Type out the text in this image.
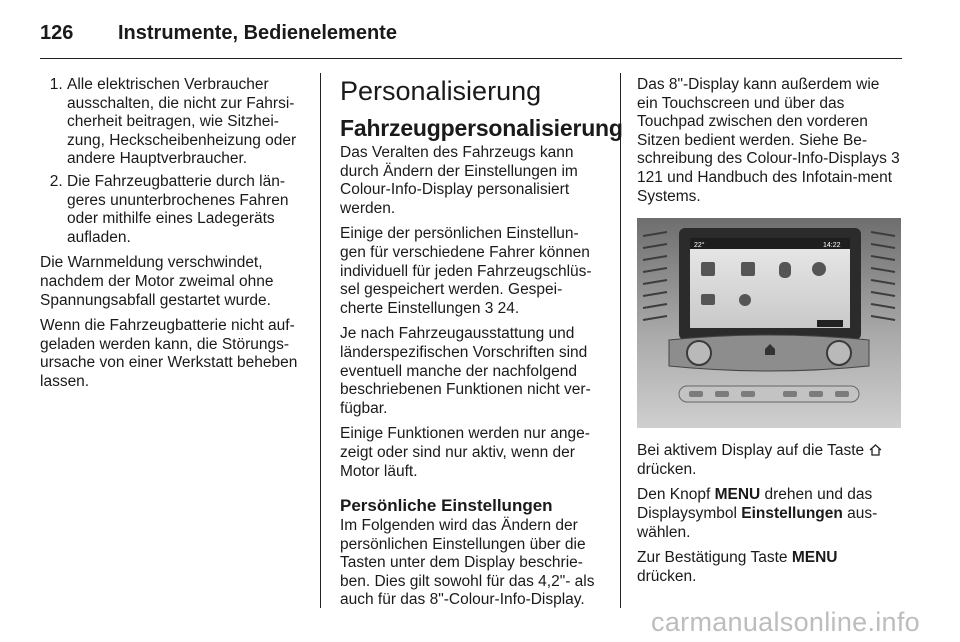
126 Instrumente, Bedienelemente
1. Alle elektrischen Verbraucher ausschalten, die nicht zur Fahrsi-cherheit beitragen, wie Sitzhei-zung, Heckscheibenheizung oder andere Hauptverbraucher.
2. Die Fahrzeugbatterie durch län-geres ununterbrochenes Fahren oder mithilfe eines Ladegeräts aufladen.

Die Warnmeldung verschwindet, nachdem der Motor zweimal ohne Spannungsabfall gestartet wurde.

Wenn die Fahrzeugbatterie nicht auf-geladen werden kann, die Störungs-ursache von einer Werkstatt beheben lassen.

Personalisierung
Fahrzeugpersonalisierung

Das Veralten des Fahrzeugs kann durch Ändern der Einstellungen im Colour-Info-Display personalisiert werden.

Einige der persönlichen Einstellun-gen für verschiedene Fahrer können individuell für jeden Fahrzeugschlüs-sel gespeichert werden. Gespei-cherte Einstellungen 3 24.

Je nach Fahrzeugausstattung und länderspezifischen Vorschriften sind eventuell manche der nachfolgend beschriebenen Funktionen nicht ver-fügbar.

Einige Funktionen werden nur ange-zeigt oder sind nur aktiv, wenn der Motor läuft.

Persönliche Einstellungen

Im Folgenden wird das Ändern der persönlichen Einstellungen über die Tasten unter dem Display beschrie-ben. Dies gilt sowohl für das 4,2"- als auch für das 8"-Colour-Info-Display.

Das 8"-Display kann außerdem wie ein Touchscreen und über das Touchpad zwischen den vorderen Sitzen bedient werden. Siehe Be-schreibung des Colour-Info-Displays 3 121 und Handbuch des Infotain-ment Systems.

22°	14:22

Bei aktivem Display auf die Taste
drücken.

Den Knopf MENU drehen und das Displaysymbol Einstellungen aus-wählen.

Zur Bestätigung Taste MENU
drücken.

carmanualsonline.info
